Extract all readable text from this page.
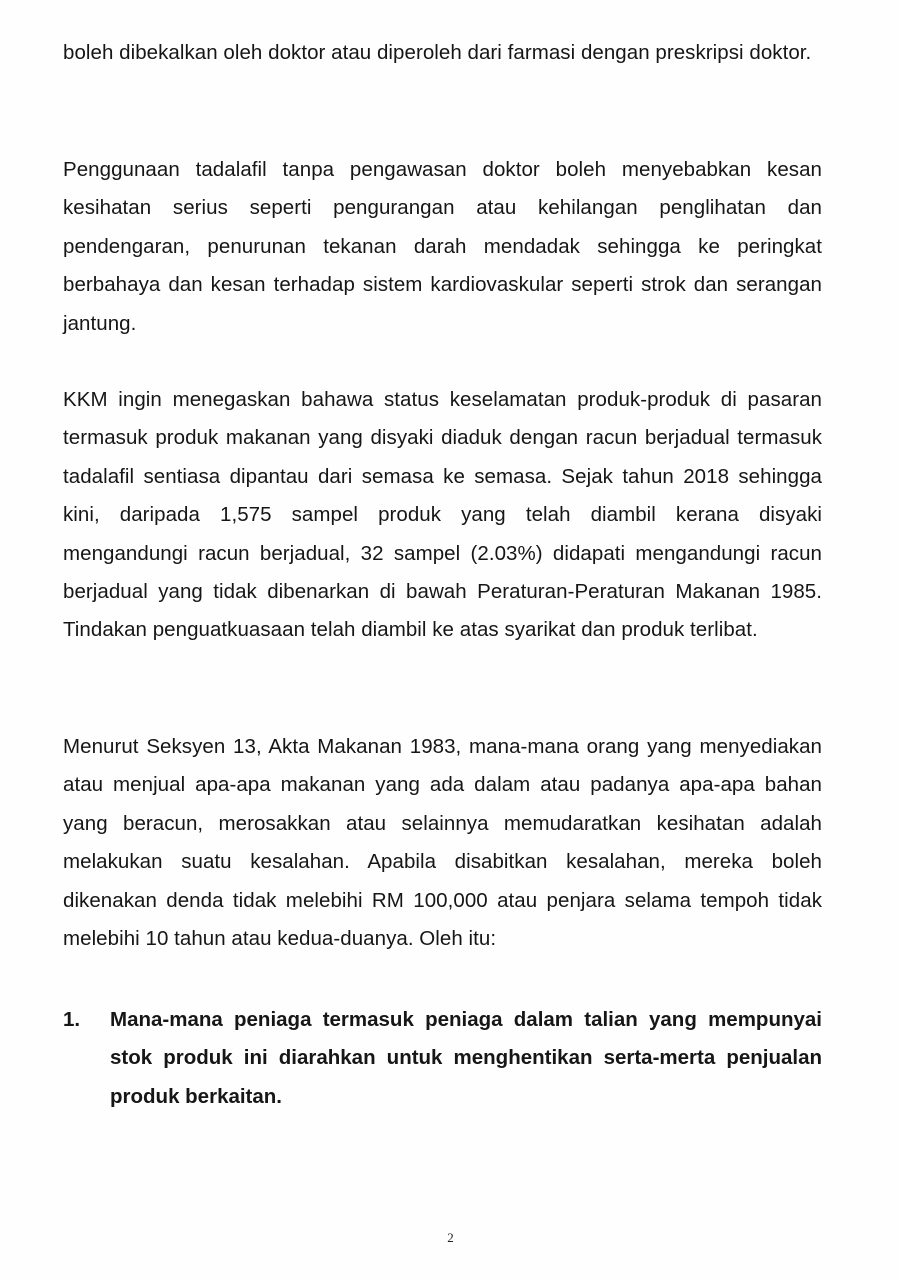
boleh dibekalkan oleh doktor atau diperoleh dari farmasi dengan preskripsi doktor.

Penggunaan tadalafil tanpa pengawasan doktor boleh menyebabkan kesan kesihatan serius seperti pengurangan atau kehilangan penglihatan dan pendengaran, penurunan tekanan darah mendadak sehingga ke peringkat berbahaya dan kesan terhadap sistem kardiovaskular seperti strok dan serangan jantung.

KKM ingin menegaskan bahawa status keselamatan produk-produk di pasaran termasuk produk makanan yang disyaki diaduk dengan racun berjadual termasuk tadalafil sentiasa dipantau dari semasa ke semasa. Sejak tahun 2018 sehingga kini, daripada 1,575 sampel produk yang telah diambil kerana disyaki mengandungi racun berjadual, 32 sampel (2.03%) didapati mengandungi racun berjadual yang tidak dibenarkan di bawah Peraturan-Peraturan Makanan 1985. Tindakan penguatkuasaan telah diambil ke atas syarikat dan produk terlibat.

Menurut Seksyen 13, Akta Makanan 1983, mana-mana orang yang menyediakan atau menjual apa-apa makanan yang ada dalam atau padanya apa-apa bahan yang beracun, merosakkan atau selainnya memudaratkan kesihatan adalah melakukan suatu kesalahan. Apabila disabitkan kesalahan, mereka boleh dikenakan denda tidak melebihi RM 100,000 atau penjara selama tempoh tidak melebihi 10 tahun atau kedua-duanya. Oleh itu:

1.	Mana-mana peniaga termasuk peniaga dalam talian yang mempunyai stok produk ini diarahkan untuk menghentikan serta-merta penjualan produk berkaitan.
2
